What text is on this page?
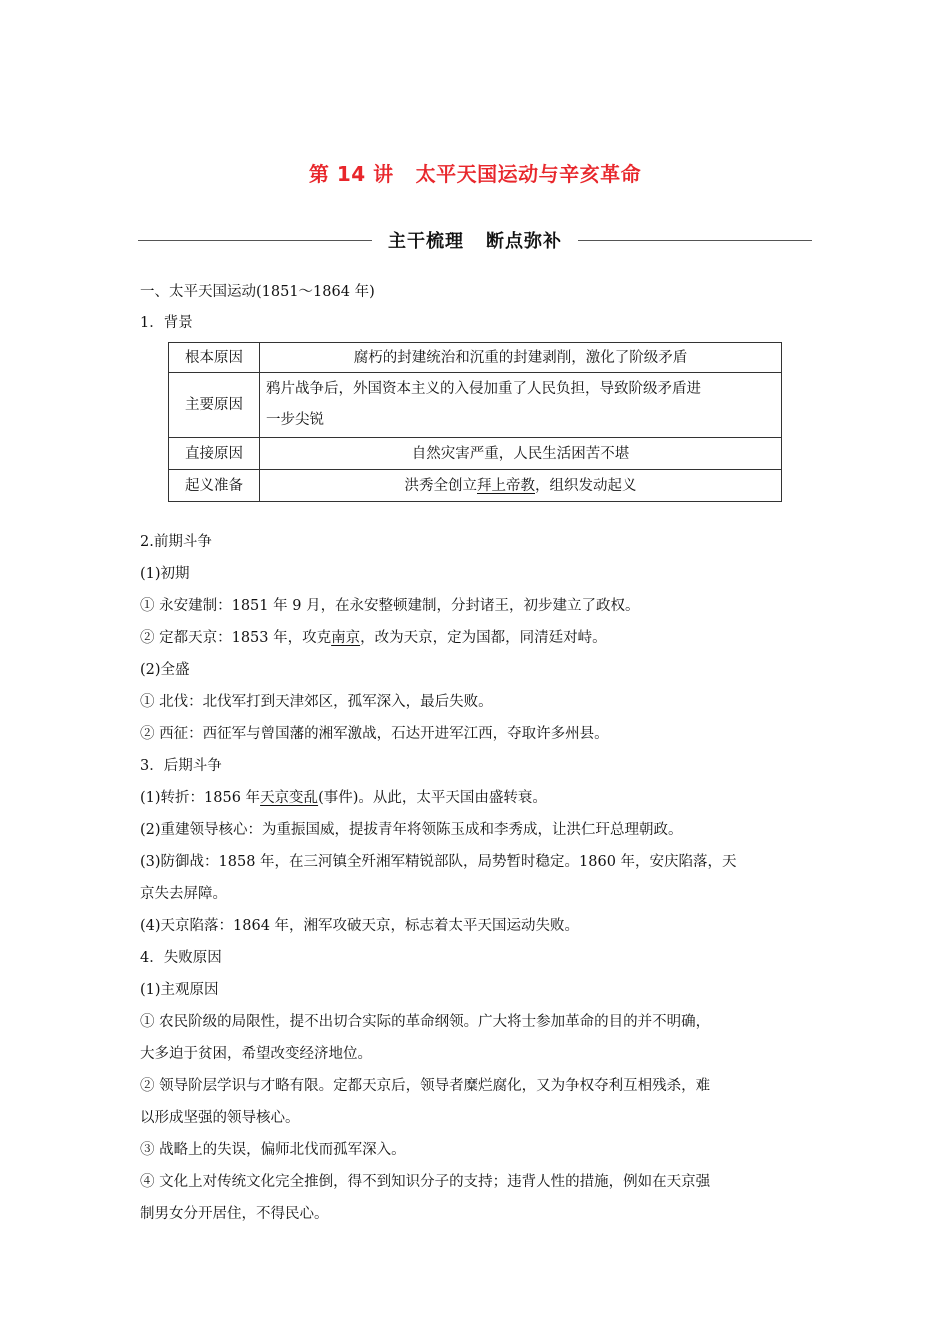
第 14 讲 太平天国运动与辛亥革命
主干梳理 断点弥补
一、太平天国运动(1851～1864 年)
1．背景
根本原因	腐朽的封建统治和沉重的封建剥削，激化了阶级矛盾
主要原因	鸦片战争后，外国资本主义的入侵加重了人民负担，导致阶级矛盾进
一步尖锐
直接原因	自然灾害严重，人民生活困苦不堪
起义准备	洪秀全创立拜上帝教，组织发动起义
2.前期斗争
(1)初期
① 永安建制：1851 年 9 月，在永安整顿建制，分封诸王，初步建立了政权。
② 定都天京：1853 年，攻克南京，改为天京，定为国都，同清廷对峙。
(2)全盛
① 北伐：北伐军打到天津郊区，孤军深入，最后失败。
② 西征：西征军与曾国藩的湘军激战，石达开进军江西，夺取许多州县。
3．后期斗争
(1)转折：1856 年天京变乱(事件)。从此，太平天国由盛转衰。
(2)重建领导核心：为重振国威，提拔青年将领陈玉成和李秀成，让洪仁玕总理朝政。
(3)防御战：1858 年，在三河镇全歼湘军精锐部队，局势暂时稳定。1860 年，安庆陷落，天
京失去屏障。
(4)天京陷落：1864 年，湘军攻破天京，标志着太平天国运动失败。
4．失败原因
(1)主观原因
① 农民阶级的局限性，提不出切合实际的革命纲领。广大将士参加革命的目的并不明确，
大多迫于贫困，希望改变经济地位。
② 领导阶层学识与才略有限。定都天京后，领导者糜烂腐化，又为争权夺利互相残杀，难
以形成坚强的领导核心。
③ 战略上的失误，偏师北伐而孤军深入。
④ 文化上对传统文化完全推倒，得不到知识分子的支持；违背人性的措施，例如在天京强
制男女分开居住，不得民心。
